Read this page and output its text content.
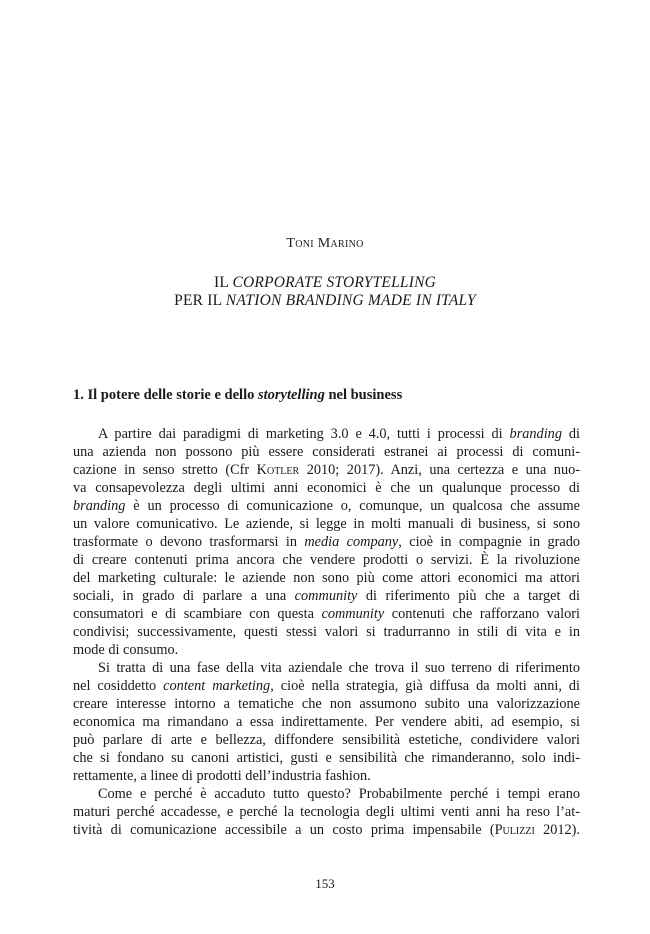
Toni Marino
IL CORPORATE STORYTELLING
PER IL NATION BRANDING MADE IN ITALY
1. Il potere delle storie e dello storytelling nel business
A partire dai paradigmi di marketing 3.0 e 4.0, tutti i processi di branding di
una azienda non possono più essere considerati estranei ai processi di comuni-
cazione in senso stretto (Cfr Kotler 2010; 2017). Anzi, una certezza e una nuo-
va consapevolezza degli ultimi anni economici è che un qualunque processo di
branding è un processo di comunicazione o, comunque, un qualcosa che assume
un valore comunicativo. Le aziende, si legge in molti manuali di business, si sono
trasformate o devono trasformarsi in media company, cioè in compagnie in grado
di creare contenuti prima ancora che vendere prodotti o servizi. È la rivoluzione
del marketing culturale: le aziende non sono più come attori economici ma attori
sociali, in grado di parlare a una community di riferimento più che a target di
consumatori e di scambiare con questa community contenuti che rafforzano valori
condivisi; successivamente, questi stessi valori si tradurranno in stili di vita e in
mode di consumo.
Si tratta di una fase della vita aziendale che trova il suo terreno di riferimento
nel cosiddetto content marketing, cioè nella strategia, già diffusa da molti anni, di
creare interesse intorno a tematiche che non assumono subito una valorizzazione
economica ma rimandano a essa indirettamente. Per vendere abiti, ad esempio, si
può parlare di arte e bellezza, diffondere sensibilità estetiche, condividere valori
che si fondano su canoni artistici, gusti e sensibilità che rimanderanno, solo indi-
rettamente, a linee di prodotti dell’industria fashion.
Come e perché è accaduto tutto questo? Probabilmente perché i tempi erano
maturi perché accadesse, e perché la tecnologia degli ultimi venti anni ha reso l’at-
tività di comunicazione accessibile a un costo prima impensabile (Pulizzi 2012).
153
